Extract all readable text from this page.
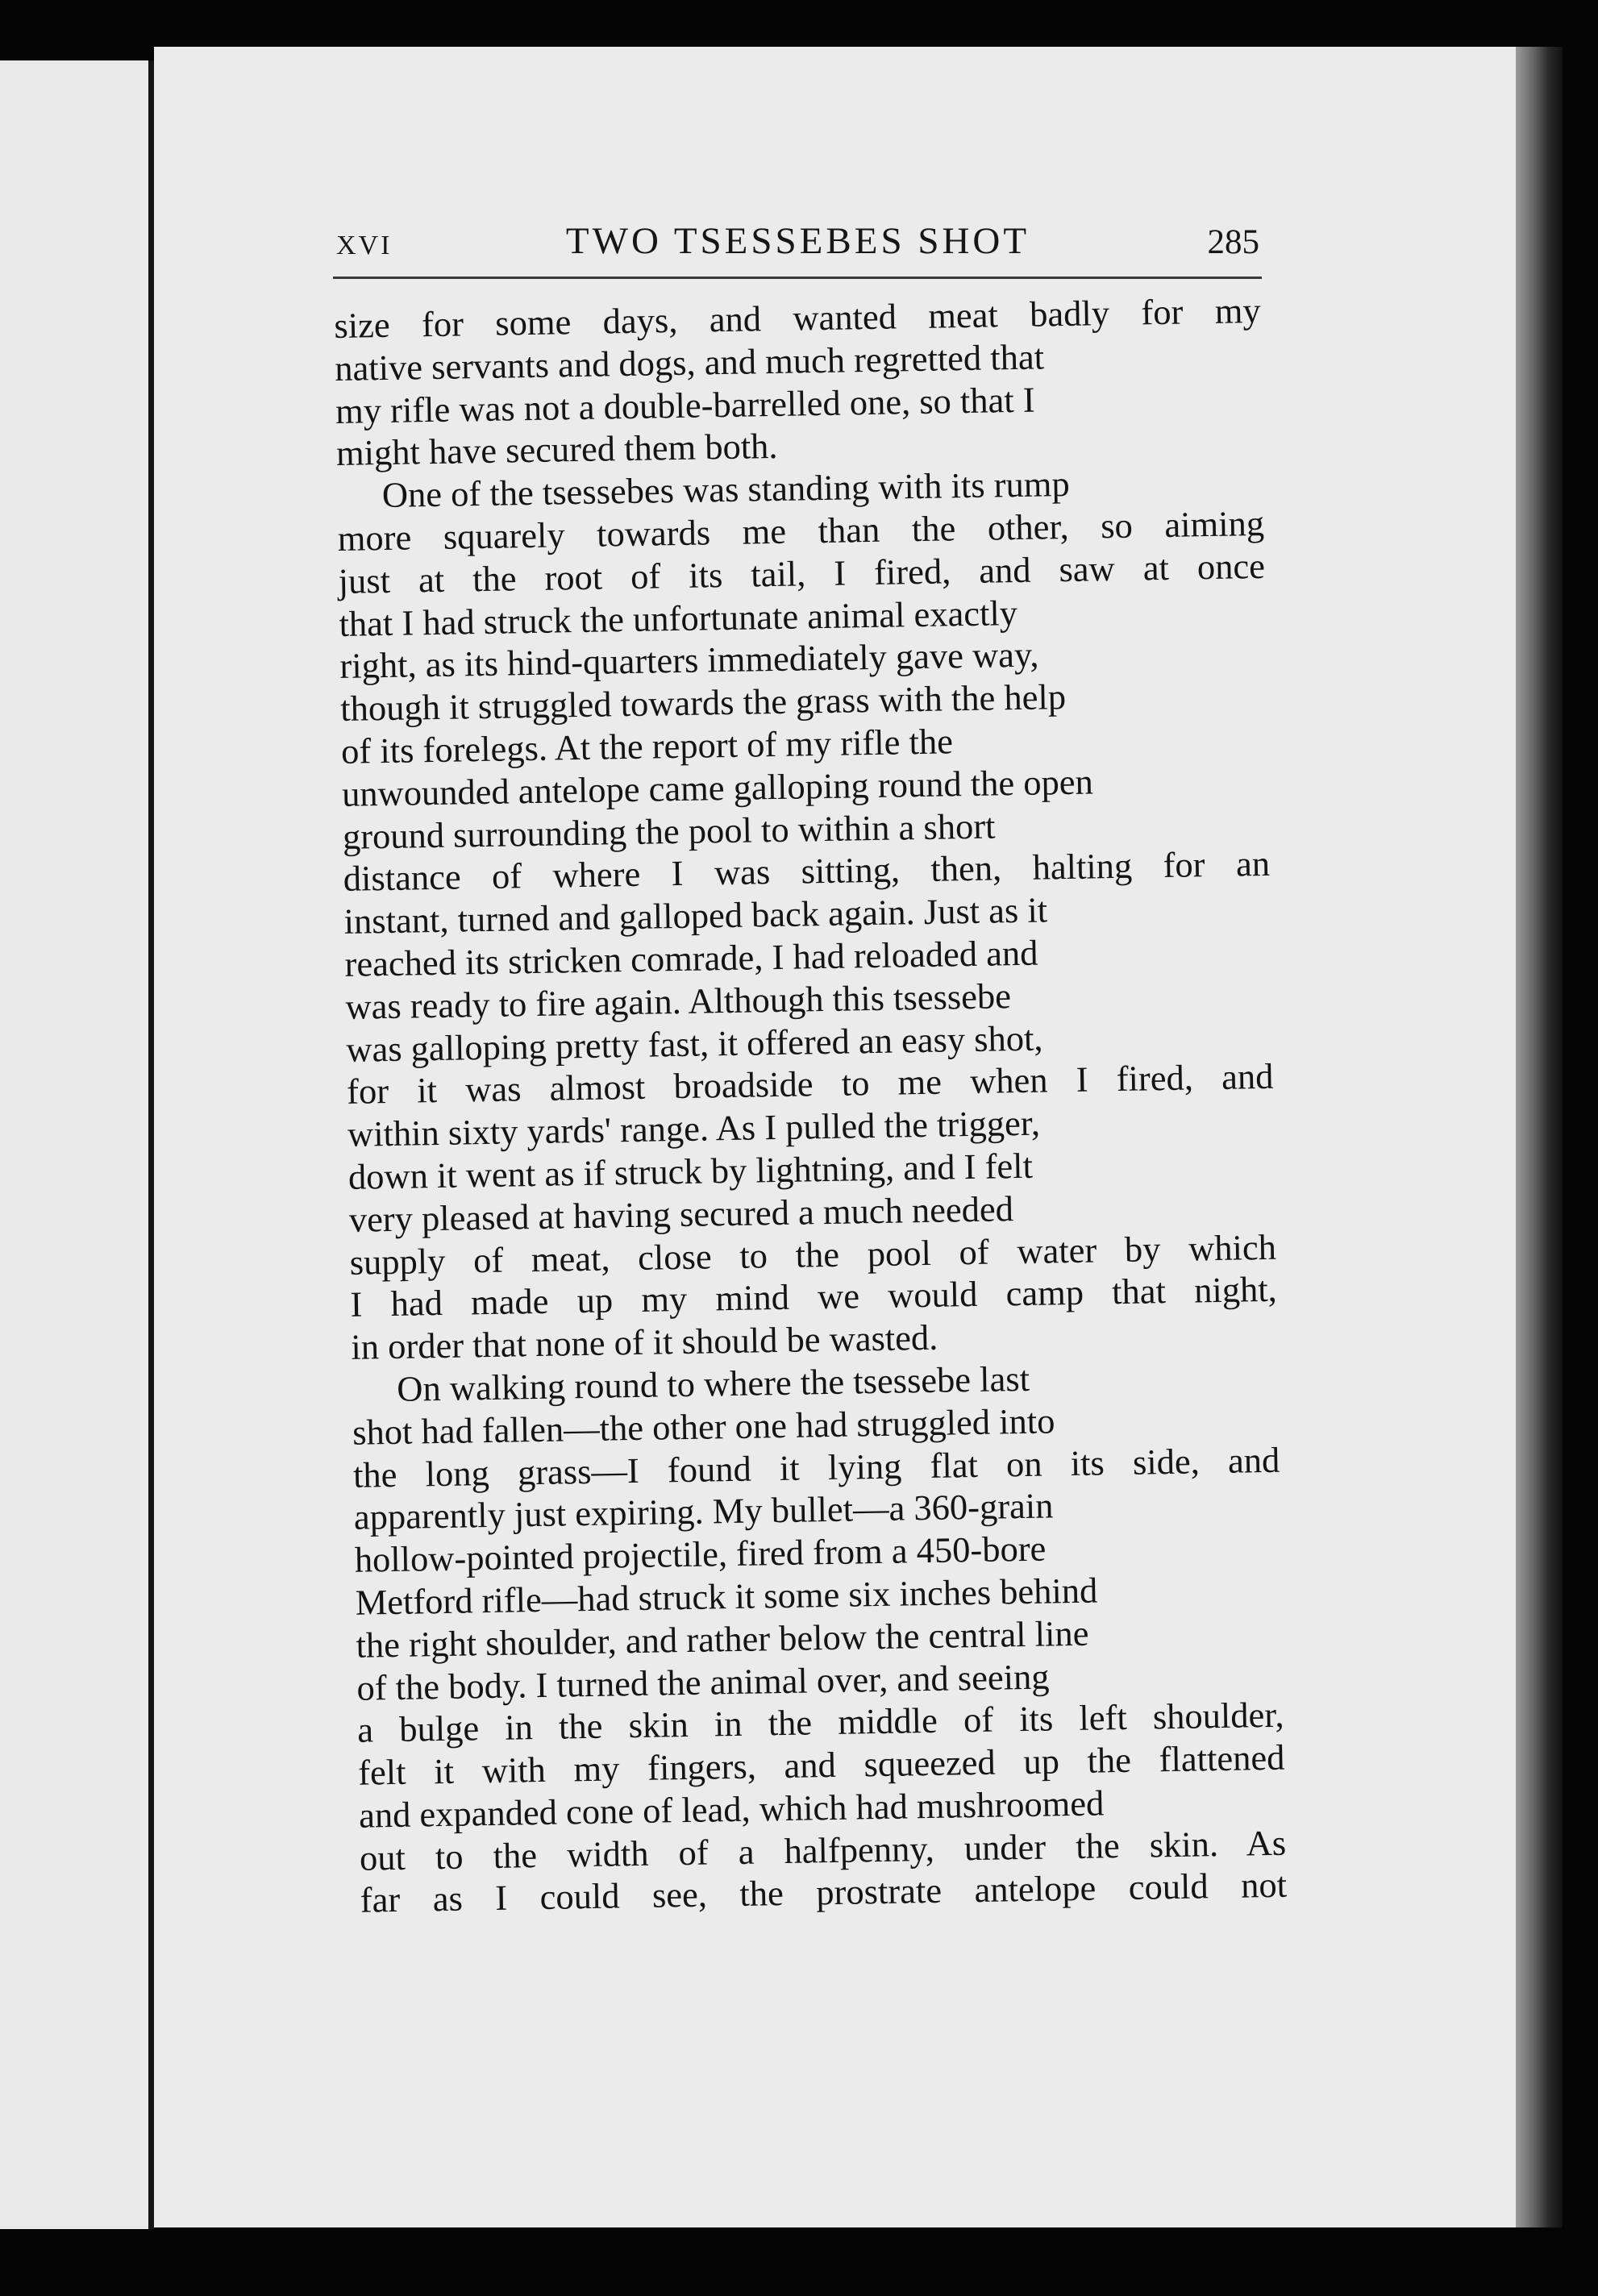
XVI	TWO TSESSEBES SHOT	285
size for some days, and wanted meat badly for my
native servants and dogs, and much regretted that
my rifle was not a double-barrelled one, so that I
might have secured them both.
One of the tsessebes was standing with its rump
more squarely towards me than the other, so aiming
just at the root of its tail, I fired, and saw at once
that I had struck the unfortunate animal exactly
right, as its hind-quarters immediately gave way,
though it struggled towards the grass with the help
of its forelegs. At the report of my rifle the
unwounded antelope came galloping round the open
ground surrounding the pool to within a short
distance of where I was sitting, then, halting for an
instant, turned and galloped back again. Just as it
reached its stricken comrade, I had reloaded and
was ready to fire again. Although this tsessebe
was galloping pretty fast, it offered an easy shot,
for it was almost broadside to me when I fired, and
within sixty yards' range. As I pulled the trigger,
down it went as if struck by lightning, and I felt
very pleased at having secured a much needed
supply of meat, close to the pool of water by which
I had made up my mind we would camp that night,
in order that none of it should be wasted.
On walking round to where the tsessebe last
shot had fallen—the other one had struggled into
the long grass—I found it lying flat on its side, and
apparently just expiring. My bullet—a 360-grain
hollow-pointed projectile, fired from a 450-bore
Metford rifle—had struck it some six inches behind
the right shoulder, and rather below the central line
of the body. I turned the animal over, and seeing
a bulge in the skin in the middle of its left shoulder,
felt it with my fingers, and squeezed up the flattened
and expanded cone of lead, which had mushroomed
out to the width of a halfpenny, under the skin. As
far as I could see, the prostrate antelope could not
